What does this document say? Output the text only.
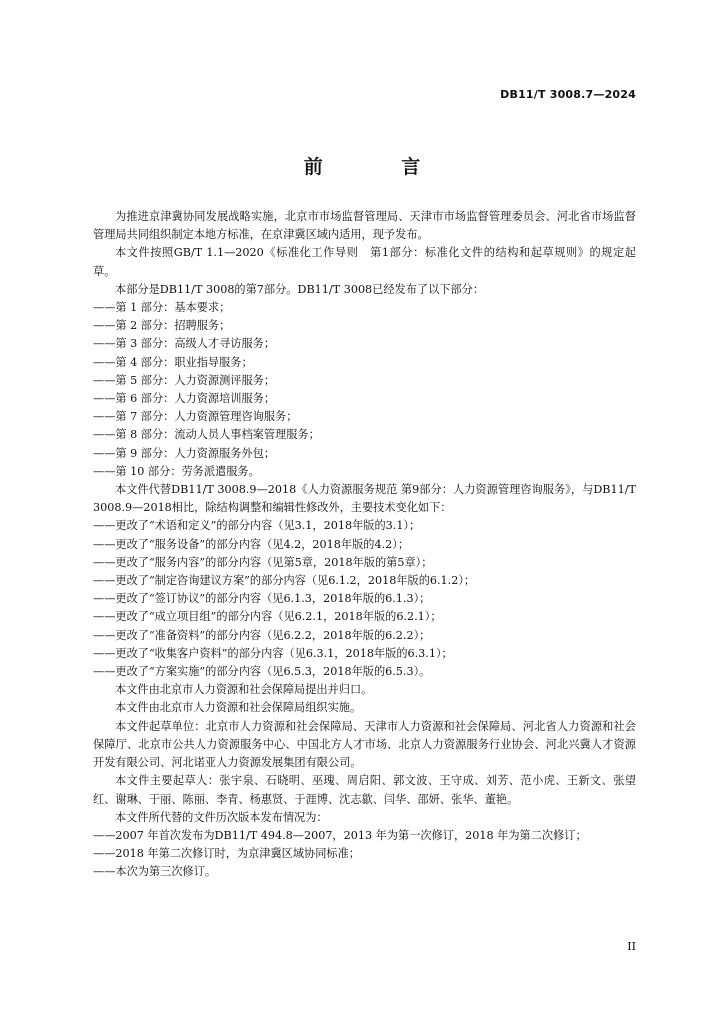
DB11/T 3008.7—2024
前 言

为推进京津冀协同发展战略实施，北京市市场监督管理局、天津市市场监督管理委员会、河北省市场监督管理局共同组织制定本地方标准，在京津冀区域内适用，现予发布。

本文件按照GB/T 1.1—2020《标准化工作导则　第1部分：标准化文件的结构和起草规则》的规定起草。

本部分是DB11/T 3008的第7部分。DB11/T 3008已经发布了以下部分：

——第 1 部分：基本要求；

——第 2 部分：招聘服务；

——第 3 部分：高级人才寻访服务；

——第 4 部分：职业指导服务；

——第 5 部分：人力资源测评服务；

——第 6 部分：人力资源培训服务；

——第 7 部分：人力资源管理咨询服务；

——第 8 部分：流动人员人事档案管理服务；

——第 9 部分：人力资源服务外包；

——第 10 部分：劳务派遣服务。

本文件代替DB11/T 3008.9—2018《人力资源服务规范 第9部分：人力资源管理咨询服务》，与DB11/T 3008.9—2018相比，除结构调整和编辑性修改外，主要技术变化如下：

——更改了“术语和定义”的部分内容（见3.1，2018年版的3.1）；

——更改了“服务设备”的部分内容（见4.2，2018年版的4.2）；

——更改了“服务内容”的部分内容（见第5章，2018年版的第5章）；

——更改了“制定咨询建议方案”的部分内容（见6.1.2，2018年版的6.1.2）；

——更改了“签订协议”的部分内容（见6.1.3，2018年版的6.1.3）；

——更改了“成立项目组”的部分内容（见6.2.1，2018年版的6.2.1）；

——更改了“准备资料”的部分内容（见6.2.2，2018年版的6.2.2）；

——更改了“收集客户资料”的部分内容（见6.3.1，2018年版的6.3.1）；

——更改了“方案实施”的部分内容（见6.5.3，2018年版的6.5.3）。

本文件由北京市人力资源和社会保障局提出并归口。

本文件由北京市人力资源和社会保障局组织实施。

本文件起草单位：北京市人力资源和社会保障局、天津市人力资源和社会保障局、河北省人力资源和社会保障厅、北京市公共人力资源服务中心、中国北方人才市场、北京人力资源服务行业协会、河北兴冀人才资源开发有限公司、河北诺亚人力资源发展集团有限公司。

本文件主要起草人：张宇泉、石晓明、巫瑰、周启阳、郭文波、王守成、刘芳、范小虎、王新文、张望红、谢琳、于丽、陈丽、李青、杨惠贤、于涯博、沈志歙、闫华、邵妍、张华、董艳。

本文件所代替的文件历次版本发布情况为：

——2007 年首次发布为DB11/T 494.8—2007，2013 年为第一次修订，2018 年为第二次修订；

——2018 年第二次修订时，为京津冀区域协同标准；

——本次为第三次修订。

II
